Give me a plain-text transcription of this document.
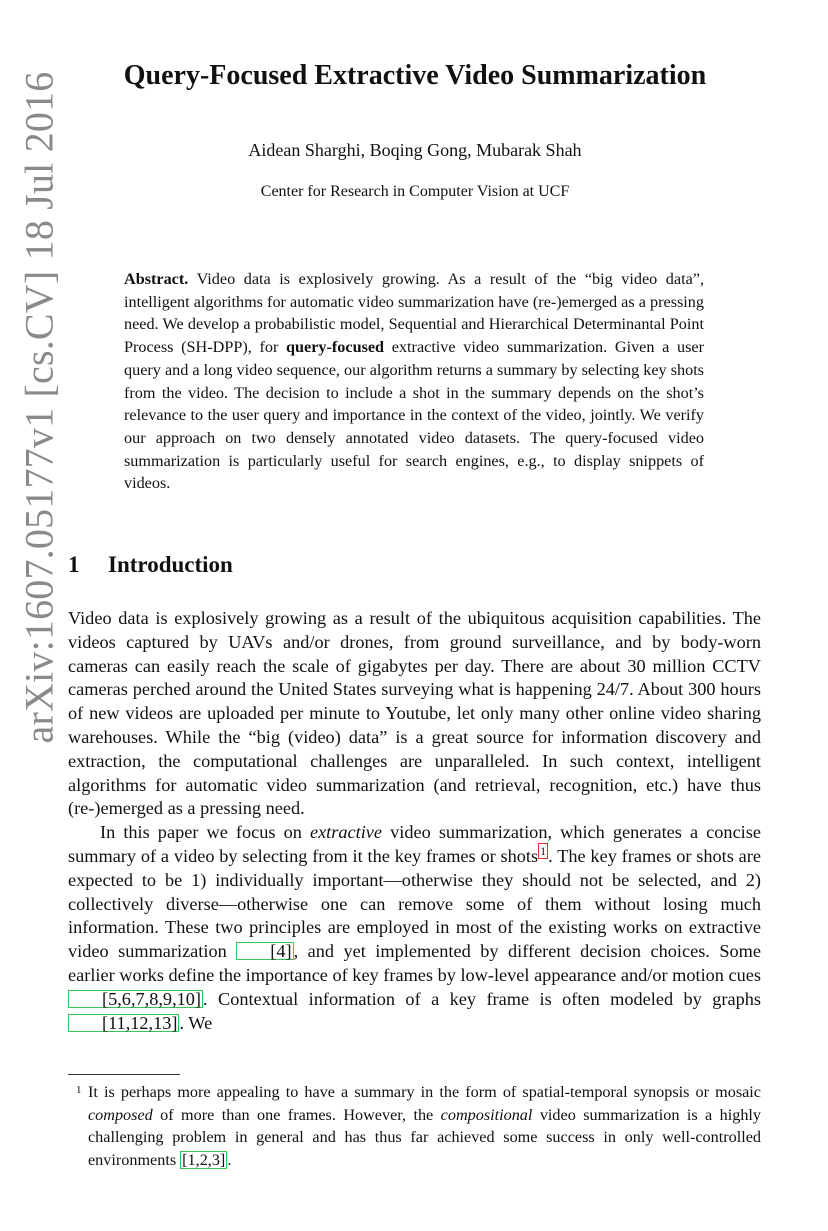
arXiv:1607.05177v1 [cs.CV] 18 Jul 2016	Query-Focused Extractive Video Summarization
Aidean Sharghi, Boqing Gong, Mubarak Shah
Center for Research in Computer Vision at UCF

Abstract. Video data is explosively growing. As a result of the “big video data”, intelligent algorithms for automatic video summarization have (re-)emerged as a pressing need. We develop a probabilistic model, Sequential and Hierarchical Determinantal Point Process (SH-DPP), for query-focused extractive video summarization. Given a user query and a long video sequence, our algorithm returns a summary by selecting key shots from the video. The decision to include a shot in the summary depends on the shot’s relevance to the user query and importance in the context of the video, jointly. We verify our approach on two densely annotated video datasets. The query-focused video summarization is particularly useful for search engines, e.g., to display snippets of videos.

1 Introduction

Video data is explosively growing as a result of the ubiquitous acquisition capabilities. The videos captured by UAVs and/or drones, from ground surveillance, and by body-worn cameras can easily reach the scale of gigabytes per day. There are about 30 million CCTV cameras perched around the United States surveying what is happening 24/7. About 300 hours of new videos are uploaded per minute to Youtube, let only many other online video sharing warehouses. While the “big (video) data” is a great source for information discovery and extraction, the computational challenges are unparalleled. In such context, intelligent algorithms for automatic video summarization (and retrieval, recognition, etc.) have thus (re-)emerged as a pressing need.

In this paper we focus on extractive video summarization, which generates a concise summary of a video by selecting from it the key frames or shots $^1$ . The key frames or shots are expected to be 1) individually important—otherwise they should not be selected, and 2) collectively diverse—otherwise one can remove some of them without losing much information. These two principles are employed in most of the existing works on extractive video summarization [4] , and yet implemented by different decision choices. Some earlier works define the importance of key frames by low-level appearance and/or motion cues [5,6,7,8,9,10] . Contextual information of a key frame is often modeled by graphs [11,12,13] . We

1 It is perhaps more appealing to have a summary in the form of spatial-temporal synopsis or mosaic composed of more than one frames. However, the compositional video summarization is a highly challenging problem in general and has thus far achieved some success in only well-controlled environments [1,2,3] .
